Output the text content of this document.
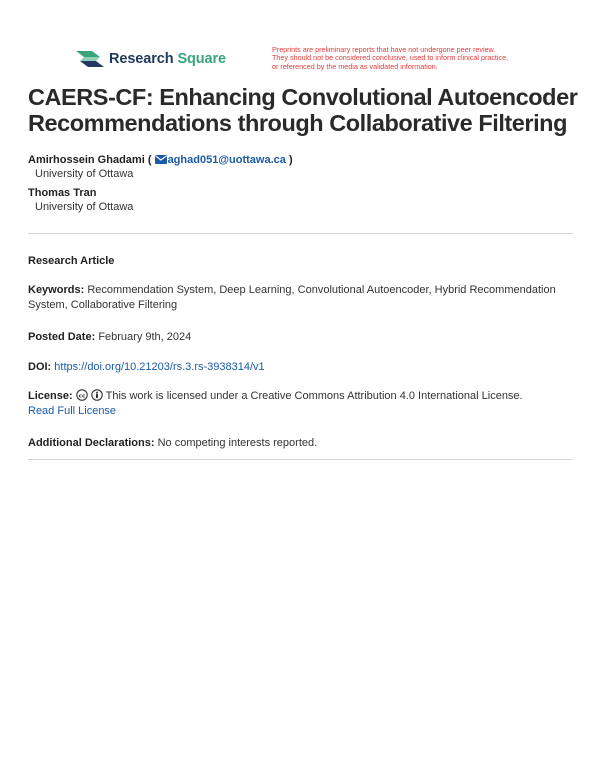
Research Square
Preprints are preliminary reports that have not undergone peer review.
They should not be considered conclusive, used to inform clinical practice,
or referenced by the media as validated information.
CAERS-CF: Enhancing Convolutional Autoencoder Recommendations through Collaborative Filtering
Amirhossein Ghadami ( aghad051@uottawa.ca )
University of Ottawa
Thomas Tran
University of Ottawa
Research Article
Keywords: Recommendation System, Deep Learning, Convolutional Autoencoder, Hybrid Recommendation System, Collaborative Filtering
Posted Date: February 9th, 2024
DOI: https://doi.org/10.21203/rs.3.rs-3938314/v1
License: cc This work is licensed under a Creative Commons Attribution 4.0 International License.
Read Full License
Additional Declarations: No competing interests reported.
